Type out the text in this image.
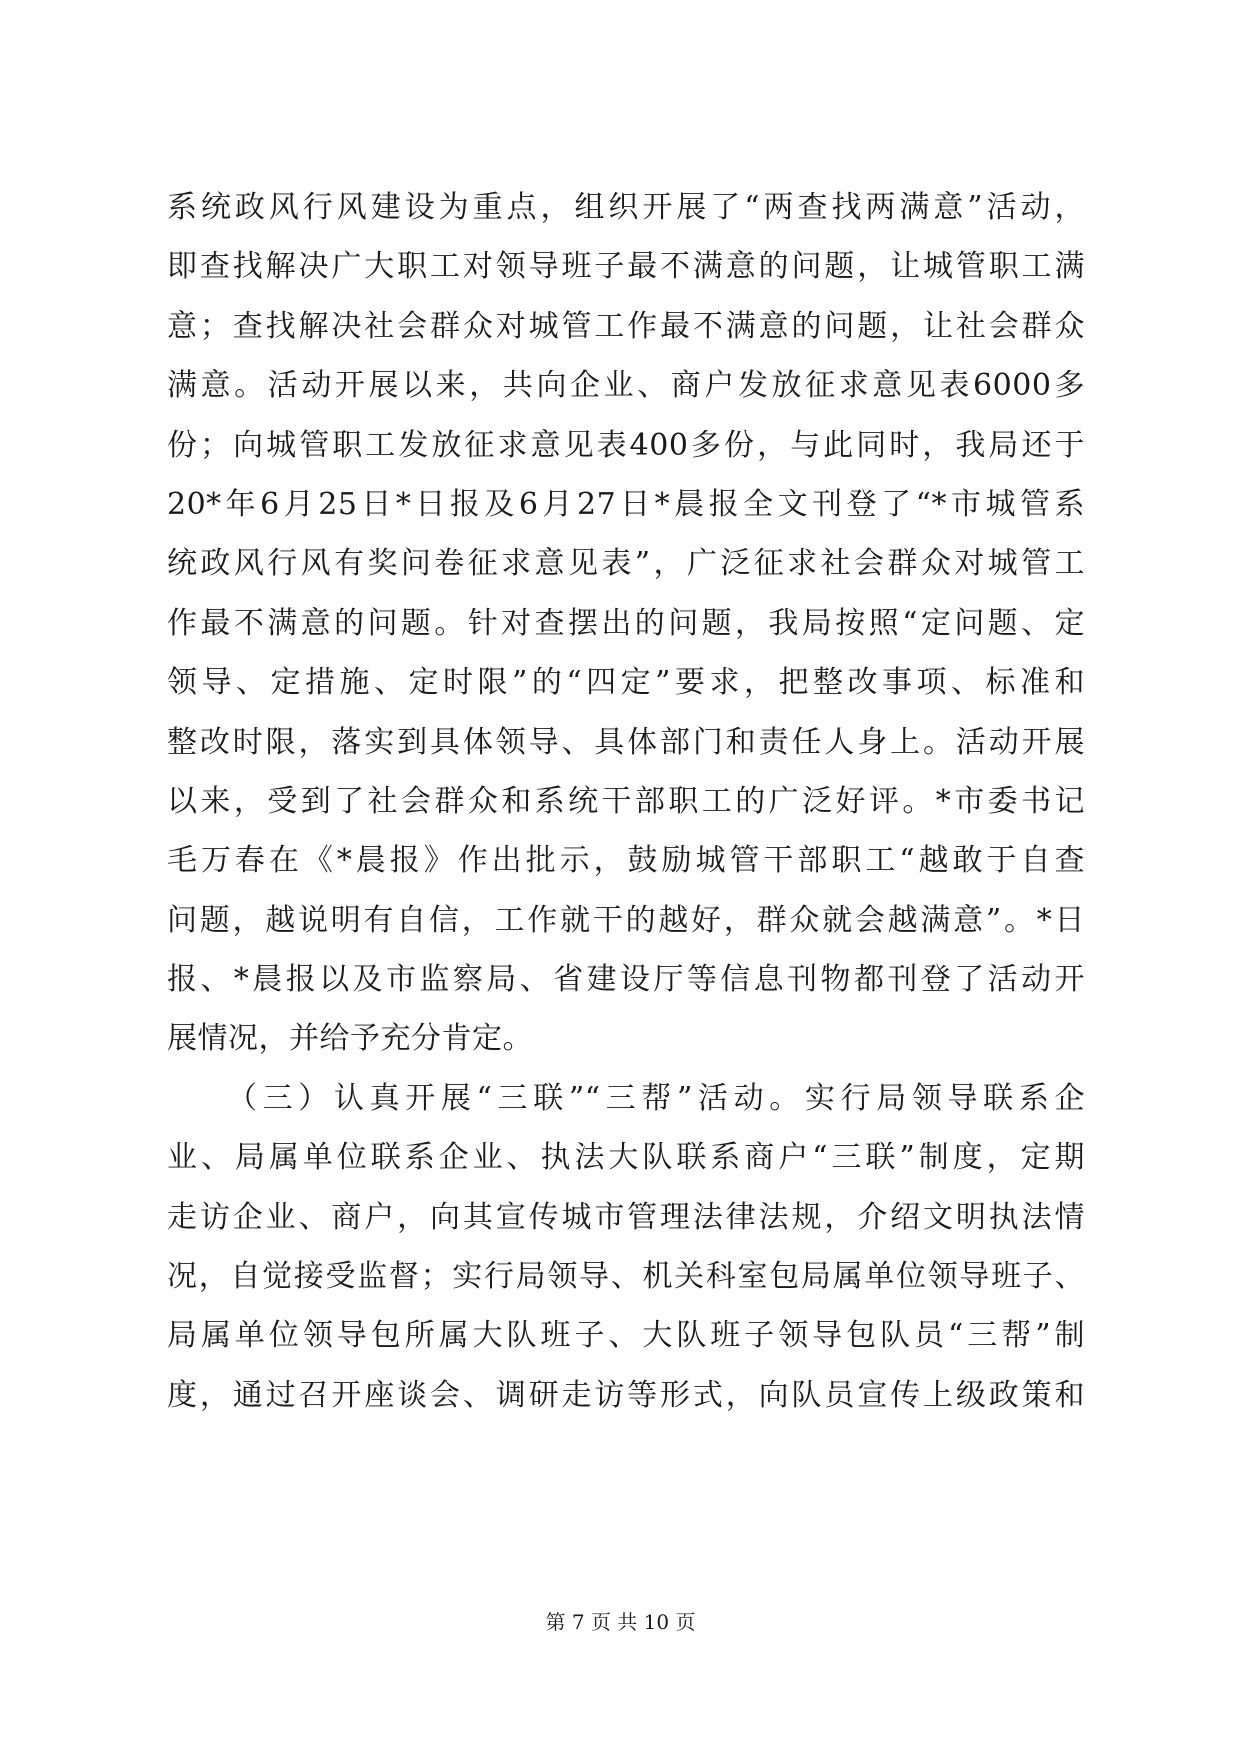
系统政风行风建设为重点，组织开展了“两查找两满意”活动，
即查找解决广大职工对领导班子最不满意的问题，让城管职工满
意；查找解决社会群众对城管工作最不满意的问题，让社会群众
满意。活动开展以来，共向企业、商户发放征求意见表6000多
份；向城管职工发放征求意见表400多份，与此同时，我局还于
20*年6月25日*日报及6月27日*晨报全文刊登了“*市城管系
统政风行风有奖问卷征求意见表”，广泛征求社会群众对城管工
作最不满意的问题。针对查摆出的问题，我局按照“定问题、定
领导、定措施、定时限”的“四定”要求，把整改事项、标准和
整改时限，落实到具体领导、具体部门和责任人身上。活动开展
以来，受到了社会群众和系统干部职工的广泛好评。*市委书记
毛万春在《*晨报》作出批示，鼓励城管干部职工“越敢于自查
问题，越说明有自信，工作就干的越好，群众就会越满意”。*日
报、*晨报以及市监察局、省建设厅等信息刊物都刊登了活动开
展情况，并给予充分肯定。
（三）认真开展“三联”“三帮”活动。实行局领导联系企
业、局属单位联系企业、执法大队联系商户“三联”制度，定期
走访企业、商户，向其宣传城市管理法律法规，介绍文明执法情
况，自觉接受监督；实行局领导、机关科室包局属单位领导班子、
局属单位领导包所属大队班子、大队班子领导包队员“三帮”制
度，通过召开座谈会、调研走访等形式，向队员宣传上级政策和
第 7 页 共 10 页
